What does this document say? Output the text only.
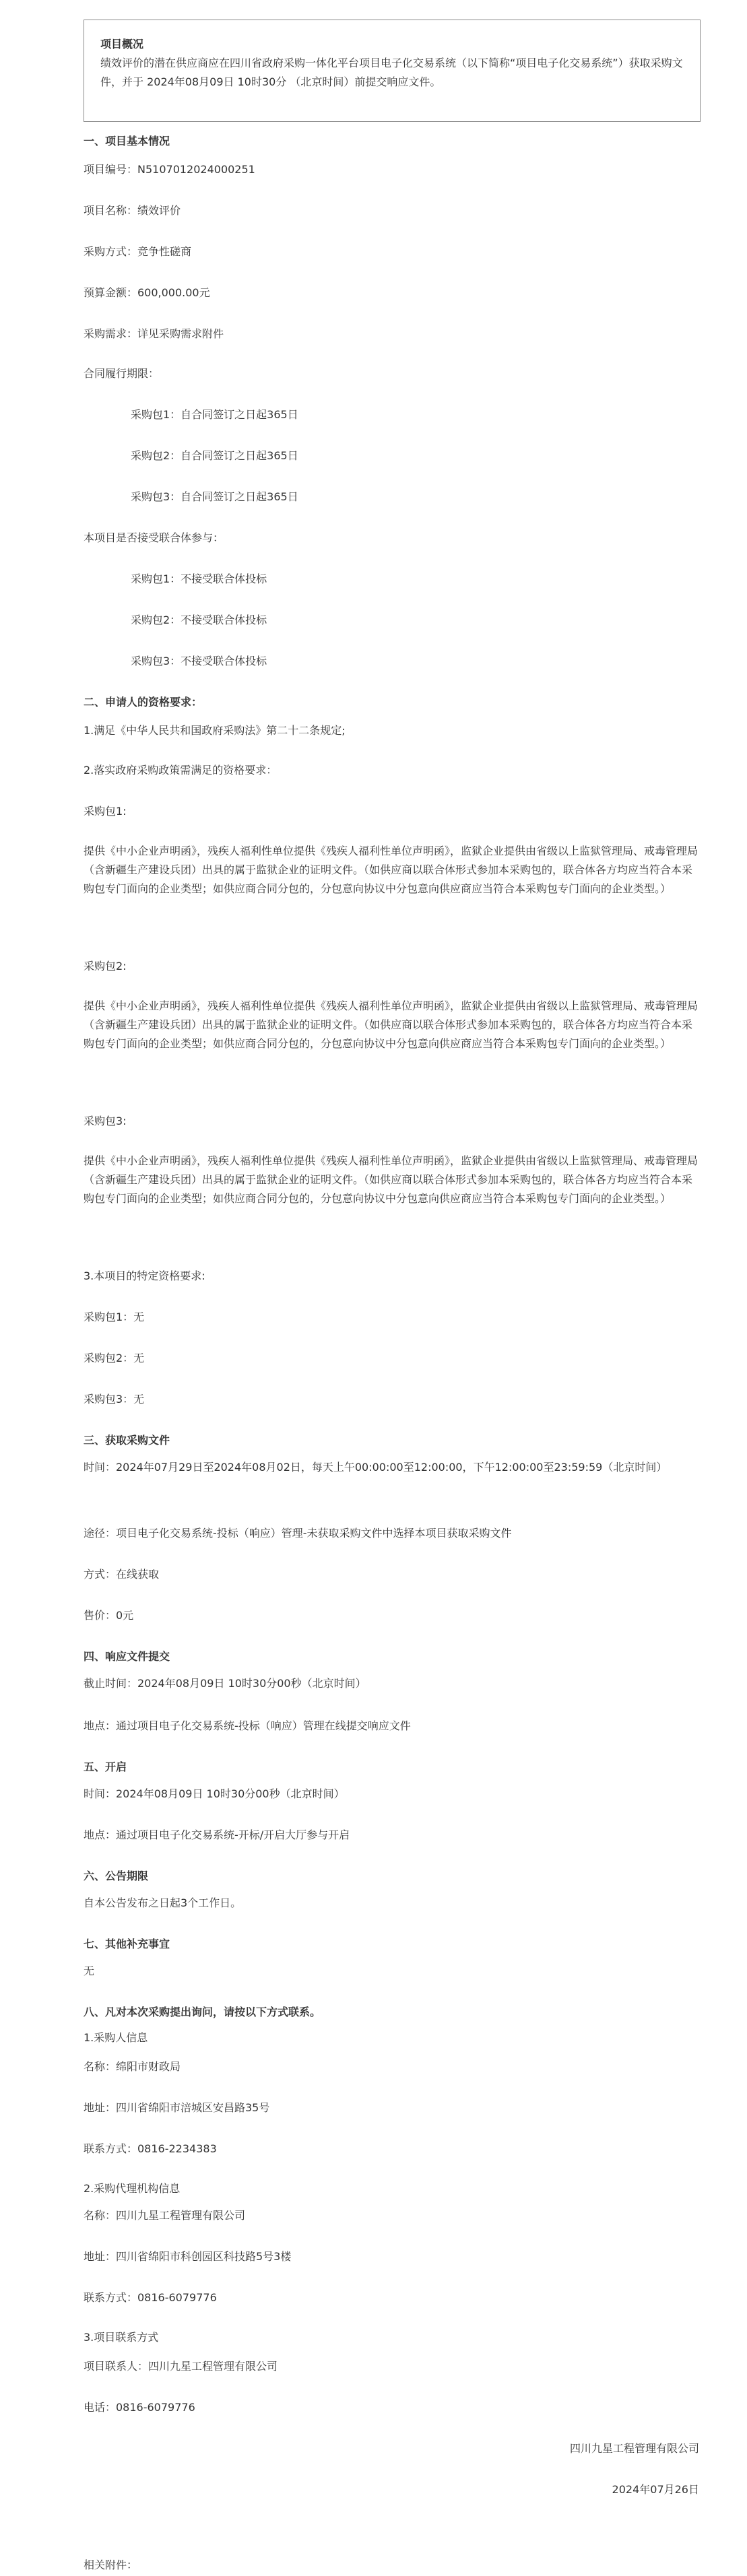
项目概况
绩效评价的潜在供应商应在四川省政府采购一体化平台项目电子化交易系统（以下简称“项目电子化交易系统”）获取采购文件，并于 2024年08月09日 10时30分 （北京时间）前提交响应文件。
一、项目基本情况
项目编号：N5107012024000251
项目名称：绩效评价
采购方式：竞争性磋商
预算金额：600,000.00元
采购需求：详见采购需求附件
合同履行期限：
采购包1：自合同签订之日起365日
采购包2：自合同签订之日起365日
采购包3：自合同签订之日起365日
本项目是否接受联合体参与：
采购包1：不接受联合体投标
采购包2：不接受联合体投标
采购包3：不接受联合体投标
二、申请人的资格要求：
1.满足《中华人民共和国政府采购法》第二十二条规定;
2.落实政府采购政策需满足的资格要求：
采购包1:
提供《中小企业声明函》，残疾人福利性单位提供《残疾人福利性单位声明函》，监狱企业提供由省级以上监狱管理局、戒毒管理局（含新疆生产建设兵团）出具的属于监狱企业的证明文件。（如供应商以联合体形式参加本采购包的，联合体各方均应当符合本采购包专门面向的企业类型；如供应商合同分包的，分包意向协议中分包意向供应商应当符合本采购包专门面向的企业类型。）
采购包2:
提供《中小企业声明函》，残疾人福利性单位提供《残疾人福利性单位声明函》，监狱企业提供由省级以上监狱管理局、戒毒管理局（含新疆生产建设兵团）出具的属于监狱企业的证明文件。（如供应商以联合体形式参加本采购包的，联合体各方均应当符合本采购包专门面向的企业类型；如供应商合同分包的，分包意向协议中分包意向供应商应当符合本采购包专门面向的企业类型。）
采购包3:
提供《中小企业声明函》，残疾人福利性单位提供《残疾人福利性单位声明函》，监狱企业提供由省级以上监狱管理局、戒毒管理局（含新疆生产建设兵团）出具的属于监狱企业的证明文件。（如供应商以联合体形式参加本采购包的，联合体各方均应当符合本采购包专门面向的企业类型；如供应商合同分包的，分包意向协议中分包意向供应商应当符合本采购包专门面向的企业类型。）
3.本项目的特定资格要求:
采购包1：无
采购包2：无
采购包3：无
三、获取采购文件
时间：2024年07月29日至2024年08月02日，每天上午00:00:00至12:00:00，下午12:00:00至23:59:59（北京时间）
途径：项目电子化交易系统-投标（响应）管理-未获取采购文件中选择本项目获取采购文件
方式：在线获取
售价：0元
四、响应文件提交
截止时间：2024年08月09日 10时30分00秒（北京时间）
地点：通过项目电子化交易系统-投标（响应）管理在线提交响应文件
五、开启
时间：2024年08月09日 10时30分00秒（北京时间）
地点：通过项目电子化交易系统-开标/开启大厅参与开启
六、公告期限
自本公告发布之日起3个工作日。
七、其他补充事宜
无
八、凡对本次采购提出询问，请按以下方式联系。
1.采购人信息
名称：绵阳市财政局
地址：四川省绵阳市涪城区安昌路35号
联系方式：0816-2234383
2.采购代理机构信息
名称：四川九星工程管理有限公司
地址：四川省绵阳市科创园区科技路5号3楼
联系方式：0816-6079776
3.项目联系方式
项目联系人：四川九星工程管理有限公司
电话：0816-6079776
四川九星工程管理有限公司
2024年07月26日
相关附件：
